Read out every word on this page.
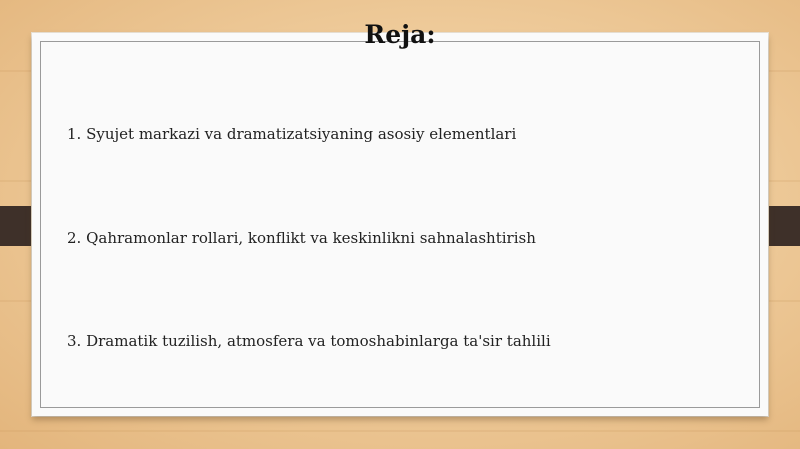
Reja:
1. Syujet markazi va dramatizatsiyaning asosiy elementlari
2. Qahramonlar rollari, konflikt va keskinlikni sahnalashtirish
3. Dramatik tuzilish, atmosfera va tomoshabinlarga ta'sir tahlili
